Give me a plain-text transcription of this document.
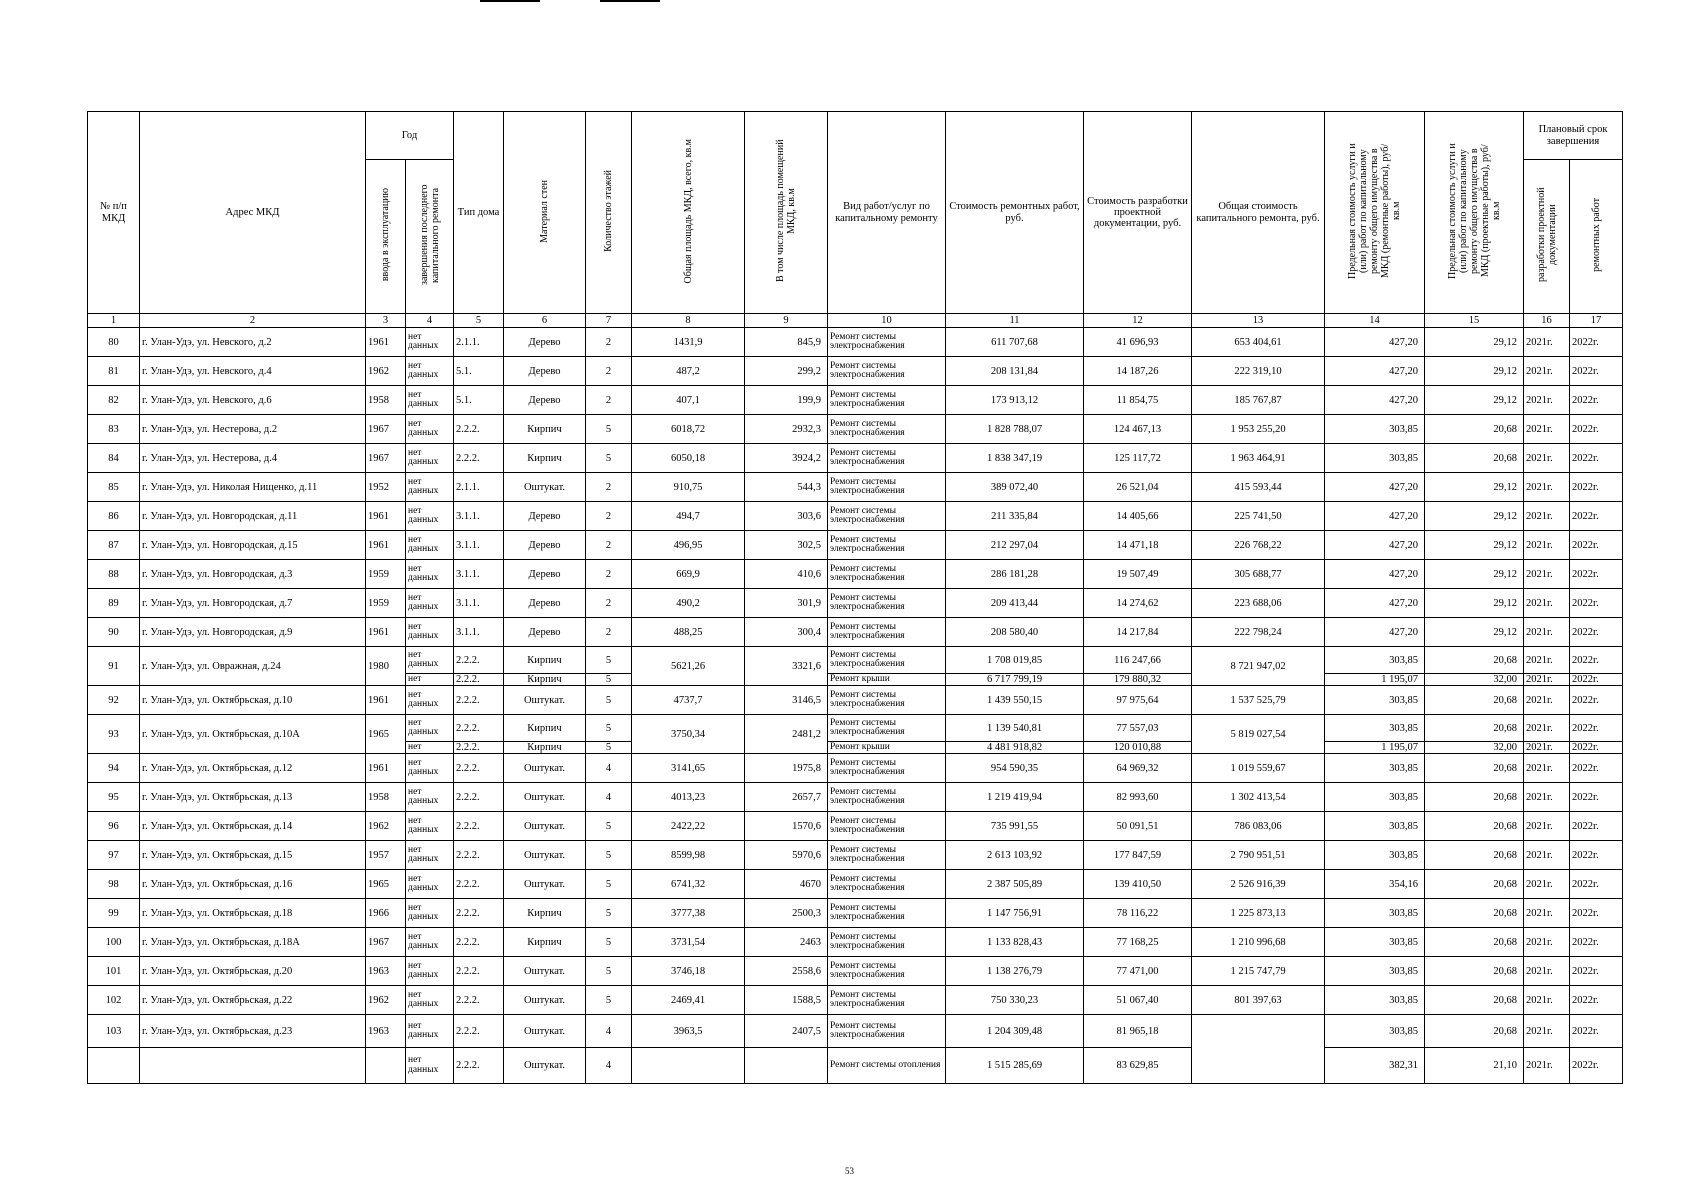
№ п/п МКД	Адрес МКД	Год		Тип дома	Материал стен	Количество этажей	Общая площадь МКД, всего, кв.м	В том числе площадь помещений МКД, кв.м	Вид работ/услуг по капитальному ремонту	Стоимость ремонтных работ, руб.	Стоимость разработки проектной документации, руб.	Общая стоимость капитального ремонта, руб.	Предельная стоимость услуги и (или) работ по капитальному ремонту общего имущества в МКД (ремонтные работы), руб/кв.м	Предельная стоимость услуги и (или) работ по капитальному ремонту общего имущества в МКД (проектные работы), руб/кв.м	Плановый срок завершения	
		ввода в эксплуатацию	завершения последнего капитального ремонта												разработки проектной документации	ремонтных работ
1	2	3	4	5	6	7	8	9	10	11	12	13	14	15	16	17
80	г. Улан-Удэ, ул. Невского, д.2	1961	нет данных	2.1.1.	Дерево	2	1431,9	845,9	Ремонт системы электроснабжения	611 707,68	41 696,93	653 404,61	427,20	29,12	2021г.	2022г.
81	г. Улан-Удэ, ул. Невского, д.4	1962	нет данных	5.1.	Дерево	2	487,2	299,2	Ремонт системы электроснабжения	208 131,84	14 187,26	222 319,10	427,20	29,12	2021г.	2022г.
82	г. Улан-Удэ, ул. Невского, д.6	1958	нет данных	5.1.	Дерево	2	407,1	199,9	Ремонт системы электроснабжения	173 913,12	11 854,75	185 767,87	427,20	29,12	2021г.	2022г.
83	г. Улан-Удэ, ул. Нестерова, д.2	1967	нет данных	2.2.2.	Кирпич	5	6018,72	2932,3	Ремонт системы электроснабжения	1 828 788,07	124 467,13	1 953 255,20	303,85	20,68	2021г.	2022г.
84	г. Улан-Удэ, ул. Нестерова, д.4	1967	нет данных	2.2.2.	Кирпич	5	6050,18	3924,2	Ремонт системы электроснабжения	1 838 347,19	125 117,72	1 963 464,91	303,85	20,68	2021г.	2022г.
85	г. Улан-Удэ, ул. Николая Нищенко, д.11	1952	нет данных	2.1.1.	Оштукат.	2	910,75	544,3	Ремонт системы электроснабжения	389 072,40	26 521,04	415 593,44	427,20	29,12	2021г.	2022г.
86	г. Улан-Удэ, ул. Новгородская, д.11	1961	нет данных	3.1.1.	Дерево	2	494,7	303,6	Ремонт системы электроснабжения	211 335,84	14 405,66	225 741,50	427,20	29,12	2021г.	2022г.
87	г. Улан-Удэ, ул. Новгородская, д.15	1961	нет данных	3.1.1.	Дерево	2	496,95	302,5	Ремонт системы электроснабжения	212 297,04	14 471,18	226 768,22	427,20	29,12	2021г.	2022г.
88	г. Улан-Удэ, ул. Новгородская, д.3	1959	нет данных	3.1.1.	Дерево	2	669,9	410,6	Ремонт системы электроснабжения	286 181,28	19 507,49	305 688,77	427,20	29,12	2021г.	2022г.
89	г. Улан-Удэ, ул. Новгородская, д.7	1959	нет данных	3.1.1.	Дерево	2	490,2	301,9	Ремонт системы электроснабжения	209 413,44	14 274,62	223 688,06	427,20	29,12	2021г.	2022г.
90	г. Улан-Удэ, ул. Новгородская, д.9	1961	нет данных	3.1.1.	Дерево	2	488,25	300,4	Ремонт системы электроснабжения	208 580,40	14 217,84	222 798,24	427,20	29,12	2021г.	2022г.
91	г. Улан-Удэ, ул. Овражная, д.24	1980	нет данных	2.2.2.	Кирпич	5	5621,26	3321,6	Ремонт системы электроснабжения	1 708 019,85	116 247,66	8 721 947,02	303,85	20,68	2021г.	2022г.
			нет	2.2.2.	Кирпич	5			Ремонт крыши	6 717 799,19	179 880,32		1 195,07	32,00	2021г.	2022г.
92	г. Улан-Удэ, ул. Октябрьская, д.10	1961	нет данных	2.2.2.	Оштукат.	5	4737,7	3146,5	Ремонт системы электроснабжения	1 439 550,15	97 975,64	1 537 525,79	303,85	20,68	2021г.	2022г.
93	г. Улан-Удэ, ул. Октябрьская, д.10А	1965	нет данных	2.2.2.	Кирпич	5	3750,34	2481,2	Ремонт системы электроснабжения	1 139 540,81	77 557,03	5 819 027,54	303,85	20,68	2021г.	2022г.
			нет	2.2.2.	Кирпич	5			Ремонт крыши	4 481 918,82	120 010,88		1 195,07	32,00	2021г.	2022г.
94	г. Улан-Удэ, ул. Октябрьская, д.12	1961	нет данных	2.2.2.	Оштукат.	4	3141,65	1975,8	Ремонт системы электроснабжения	954 590,35	64 969,32	1 019 559,67	303,85	20,68	2021г.	2022г.
95	г. Улан-Удэ, ул. Октябрьская, д.13	1958	нет данных	2.2.2.	Оштукат.	4	4013,23	2657,7	Ремонт системы электроснабжения	1 219 419,94	82 993,60	1 302 413,54	303,85	20,68	2021г.	2022г.
96	г. Улан-Удэ, ул. Октябрьская, д.14	1962	нет данных	2.2.2.	Оштукат.	5	2422,22	1570,6	Ремонт системы электроснабжения	735 991,55	50 091,51	786 083,06	303,85	20,68	2021г.	2022г.
97	г. Улан-Удэ, ул. Октябрьская, д.15	1957	нет данных	2.2.2.	Оштукат.	5	8599,98	5970,6	Ремонт системы электроснабжения	2 613 103,92	177 847,59	2 790 951,51	303,85	20,68	2021г.	2022г.
98	г. Улан-Удэ, ул. Октябрьская, д.16	1965	нет данных	2.2.2.	Оштукат.	5	6741,32	4670	Ремонт системы электроснабжения	2 387 505,89	139 410,50	2 526 916,39	354,16	20,68	2021г.	2022г.
99	г. Улан-Удэ, ул. Октябрьская, д.18	1966	нет данных	2.2.2.	Кирпич	5	3777,38	2500,3	Ремонт системы электроснабжения	1 147 756,91	78 116,22	1 225 873,13	303,85	20,68	2021г.	2022г.
100	г. Улан-Удэ, ул. Октябрьская, д.18А	1967	нет данных	2.2.2.	Кирпич	5	3731,54	2463	Ремонт системы электроснабжения	1 133 828,43	77 168,25	1 210 996,68	303,85	20,68	2021г.	2022г.
101	г. Улан-Удэ, ул. Октябрьская, д.20	1963	нет данных	2.2.2.	Оштукат.	5	3746,18	2558,6	Ремонт системы электроснабжения	1 138 276,79	77 471,00	1 215 747,79	303,85	20,68	2021г.	2022г.
102	г. Улан-Удэ, ул. Октябрьская, д.22	1962	нет данных	2.2.2.	Оштукат.	5	2469,41	1588,5	Ремонт системы электроснабжения	750 330,23	51 067,40	801 397,63	303,85	20,68	2021г.	2022г.
103	г. Улан-Удэ, ул. Октябрьская, д.23	1963	нет данных	2.2.2.	Оштукат.	4	3963,5	2407,5	Ремонт системы электроснабжения	1 204 309,48	81 965,18		303,85	20,68	2021г.	2022г.
			нет данных	2.2.2.	Оштукат.	4			Ремонт системы отопления	1 515 285,69	83 629,85		382,31	21,10	2021г.	2022г.
53
